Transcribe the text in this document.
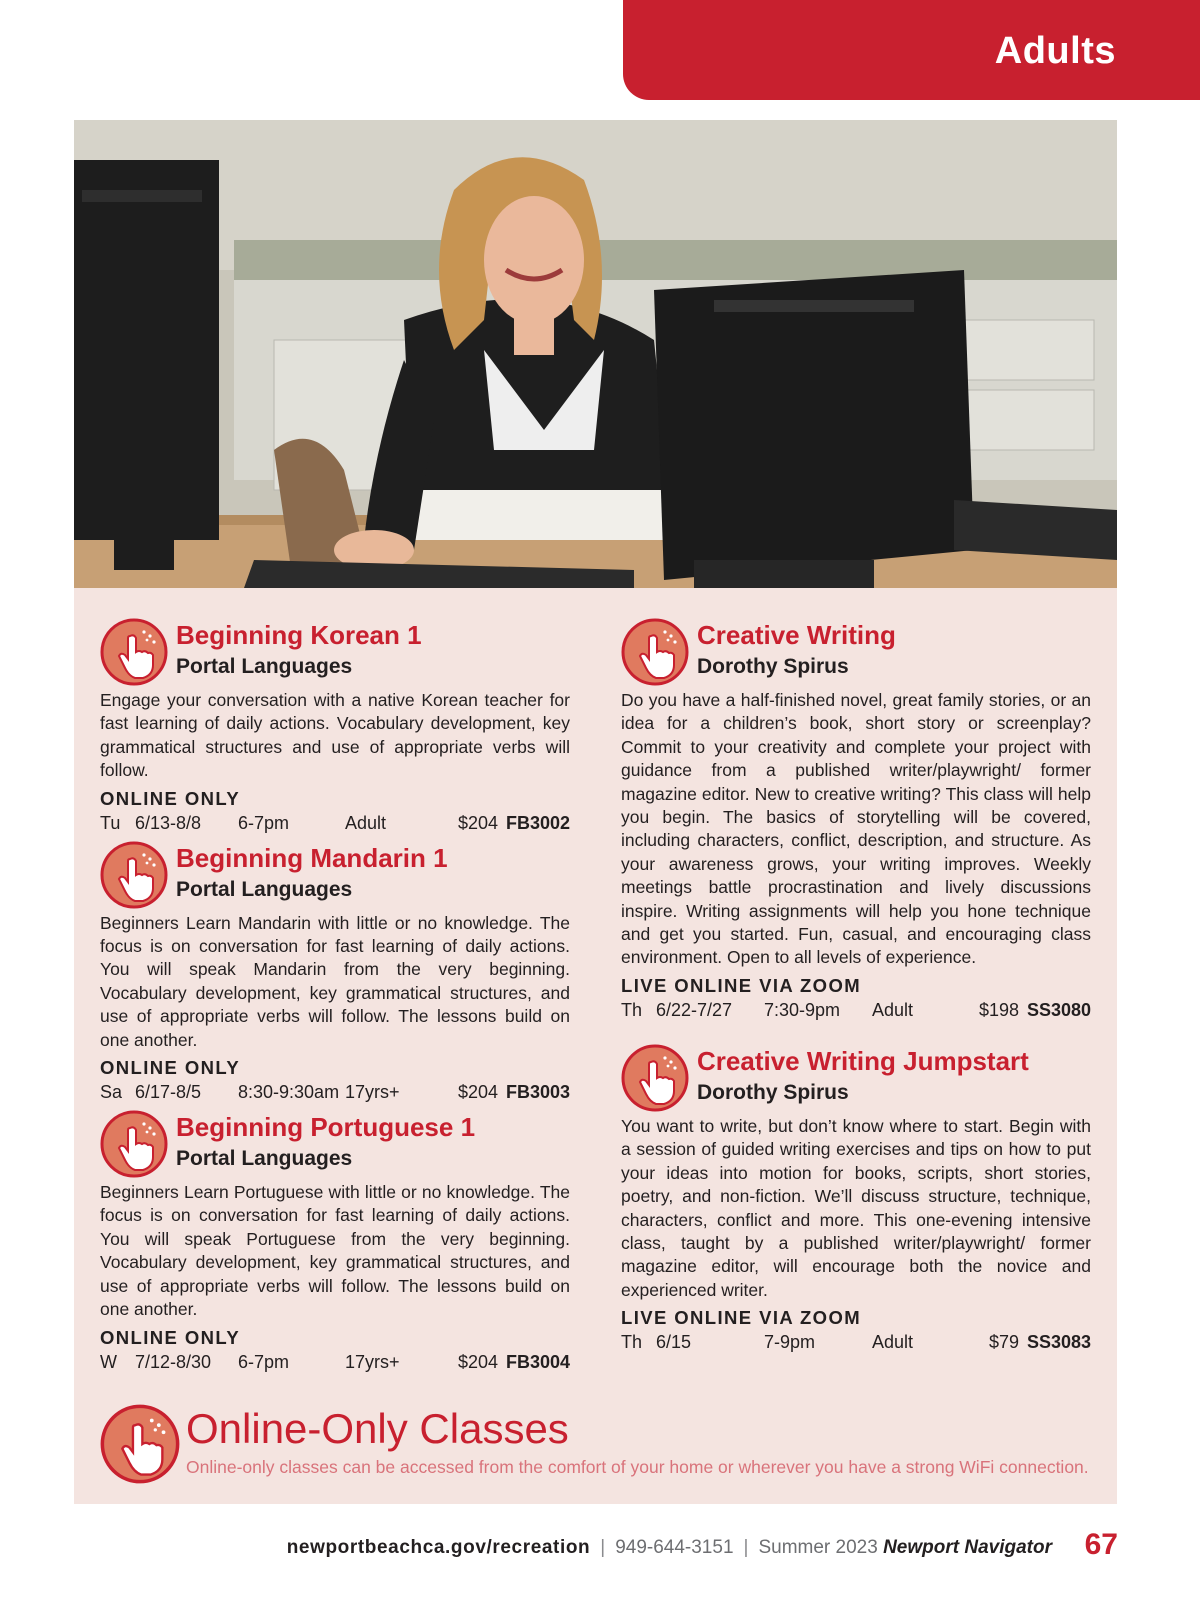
Adults
Beginning Korean 1
Portal Languages

Engage your conversation with a native Korean teacher for fast learning of daily actions. Vocabulary development, key grammatical structures and use of appropriate verbs will follow.

ONLINE ONLY
Tu 6/13-8/8 6-7pm	Adult	$204 FB3002
Beginning Mandarin 1
Portal Languages

Beginners Learn Mandarin with little or no knowledge. The focus is on conversation for fast learning of daily actions. You will speak Mandarin from the very beginning. Vocabulary development, key grammatical structures, and use of appropriate verbs will follow. The lessons build on one another.

ONLINE ONLY
Sa 6/17-8/5 8:30-9:30am 17yrs+	$204 FB3003
Beginning Portuguese 1
Portal Languages

Beginners Learn Portuguese with little or no knowledge. The focus is on conversation for fast learning of daily actions. You will speak Portuguese from the very beginning. Vocabulary development, key grammatical structures, and use of appropriate verbs will follow. The lessons build on one another.

ONLINE ONLY
W 7/12-8/30 6-7pm	17yrs+	$204 FB3004
Creative Writing
Dorothy Spirus

Do you have a half-finished novel, great family stories, or an idea for a children’s book, short story or screenplay? Commit to your creativity and complete your project with guidance from a published writer/playwright/ former magazine editor. New to creative writing? This class will help you begin. The basics of storytelling will be covered, including characters, conflict, description, and structure. As your awareness grows, your writing improves. Weekly meetings battle procrastination and lively discussions inspire. Writing assignments will help you hone technique and get you started. Fun, casual, and encouraging class environment. Open to all levels of experience.

LIVE ONLINE VIA ZOOM
Th 6/22-7/27 7:30-9pm Adult	$198 SS3080
Creative Writing Jumpstart
Dorothy Spirus

You want to write, but don’t know where to start. Begin with a session of guided writing exercises and tips on how to put your ideas into motion for books, scripts, short stories, poetry, and non-fiction. We’ll discuss structure, technique, characters, conflict and more. This one-evening intensive class, taught by a published writer/playwright/ former magazine editor, will encourage both the novice and experienced writer.

LIVE ONLINE VIA ZOOM
Th 6/15	7-9pm	Adult	$79 SS3083
Online-Only Classes
Online-only classes can be accessed from the comfort of your home or wherever you have a strong WiFi connection.
newportbeachca.gov/recreation | 949-644-3151 | Summer 2023 Newport Navigator 67
